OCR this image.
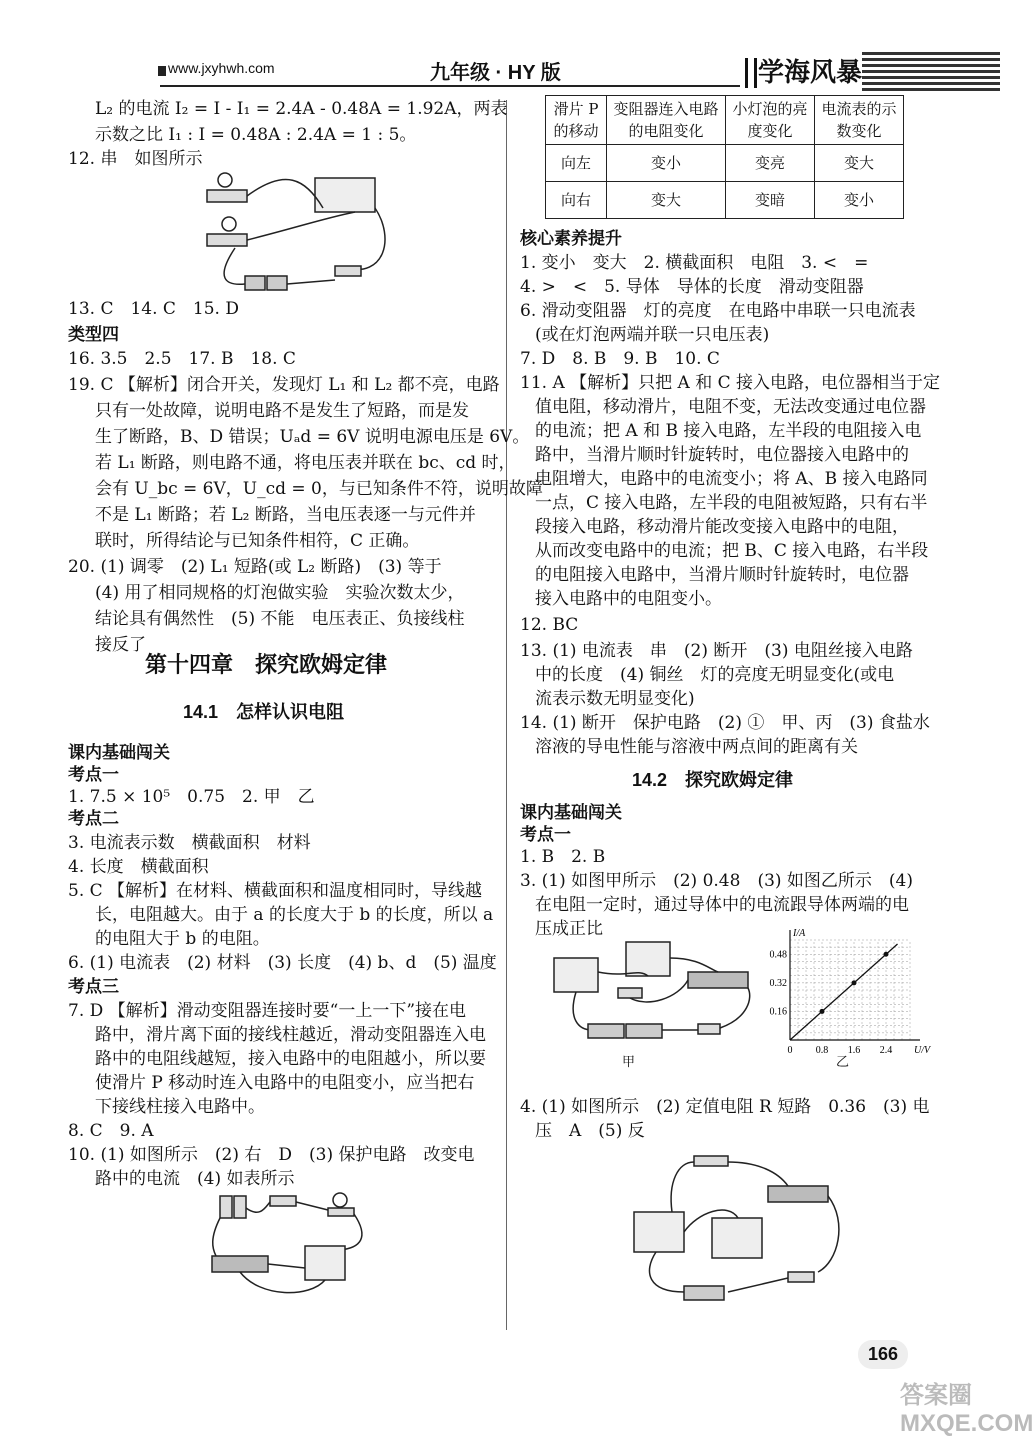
www.jxyhwh.com	九年级 · HY 版	学海风暴
L₂ 的电流 I₂ = I - I₁ = 2.4A - 0.48A = 1.92A，两表
示数之比 I₁ : I = 0.48A : 2.4A = 1 : 5。
12. 串　如图所示
13. C　14. C　15. D
类型四
16. 3.5　2.5　17. B　18. C
19. C 【解析】闭合开关，发现灯 L₁ 和 L₂ 都不亮，电路
只有一处故障，说明电路不是发生了短路，而是发
生了断路，B、D 错误；Uₐd = 6V 说明电源电压是 6V。
若 L₁ 断路，则电路不通，将电压表并联在 bc、cd 时，
会有 U_bc = 6V，U_cd = 0，与已知条件不符，说明故障
不是 L₁ 断路；若 L₂ 断路，当电压表逐一与元件并
联时，所得结论与已知条件相符，C 正确。
20. (1) 调零　(2) L₁ 短路(或 L₂ 断路)　(3) 等于
(4) 用了相同规格的灯泡做实验　实验次数太少，
结论具有偶然性　(5) 不能　电压表正、负接线柱
接反了
第十四章　探究欧姆定律
14.1　怎样认识电阻
课内基础闯关
考点一
1. 7.5 × 10⁵　0.75　2. 甲　乙
考点二
3. 电流表示数　横截面积　材料
4. 长度　横截面积
5. C 【解析】在材料、横截面积和温度相同时，导线越
长，电阻越大。由于 a 的长度大于 b 的长度，所以 a
的电阻大于 b 的电阻。
6. (1) 电流表　(2) 材料　(3) 长度　(4) b、d　(5) 温度
考点三
7. D 【解析】滑动变阻器连接时要“一上一下”接在电
路中，滑片离下面的接线柱越近，滑动变阻器连入电
路中的电阻线越短，接入电路中的电阻越小，所以要
使滑片 P 移动时连入电路中的电阻变小，应当把右
下接线柱接入电路中。
8. C　9. A
10. (1) 如图所示　(2) 右　D　(3) 保护电路　改变电
路中的电流　(4) 如表所示
滑片 P 的移动	变阻器连入电路的电阻变化	小灯泡的亮度变化	电流表的示数变化
向左	变小	变亮	变大
向右	变大	变暗	变小
核心素养提升
1. 变小　变大　2. 横截面积　电阻　3. <　=
4. >　<　5. 导体　导体的长度　滑动变阻器
6. 滑动变阻器　灯的亮度　在电路中串联一只电流表
(或在灯泡两端并联一只电压表)
7. D　8. B　9. B　10. C
11. A 【解析】只把 A 和 C 接入电路，电位器相当于定
值电阻，移动滑片，电阻不变，无法改变通过电位器
的电流；把 A 和 B 接入电路，左半段的电阻接入电
路中，当滑片顺时针旋转时，电位器接入电路中的
电阻增大，电路中的电流变小；将 A、B 接入电路同
一点，C 接入电路，左半段的电阻被短路，只有右半
段接入电路，移动滑片能改变接入电路中的电阻，
从而改变电路中的电流；把 B、C 接入电路，右半段
的电阻接入电路中，当滑片顺时针旋转时，电位器
接入电路中的电阻变小。
12. BC
13. (1) 电流表　串　(2) 断开　(3) 电阻丝接入电路
中的长度　(4) 铜丝　灯的亮度无明显变化(或电
流表示数无明显变化)
14. (1) 断开　保护电路　(2) ①　甲、丙　(3) 食盐水
溶液的导电性能与溶液中两点间的距离有关
14.2　探究欧姆定律
课内基础闯关
考点一
1. B　2. B
3. (1) 如图甲所示　(2) 0.48　(3) 如图乙所示　(4)
在电阻一定时，通过导体中的电流跟导体两端的电
压成正比
0 0.8 1.6 2.4
0.16
0.32
0.48
U/V
I/A
甲	乙
4. (1) 如图所示　(2) 定值电阻 R 短路　0.36　(3) 电
压　A　(5) 反
166
答案圈 MXQE.COM
